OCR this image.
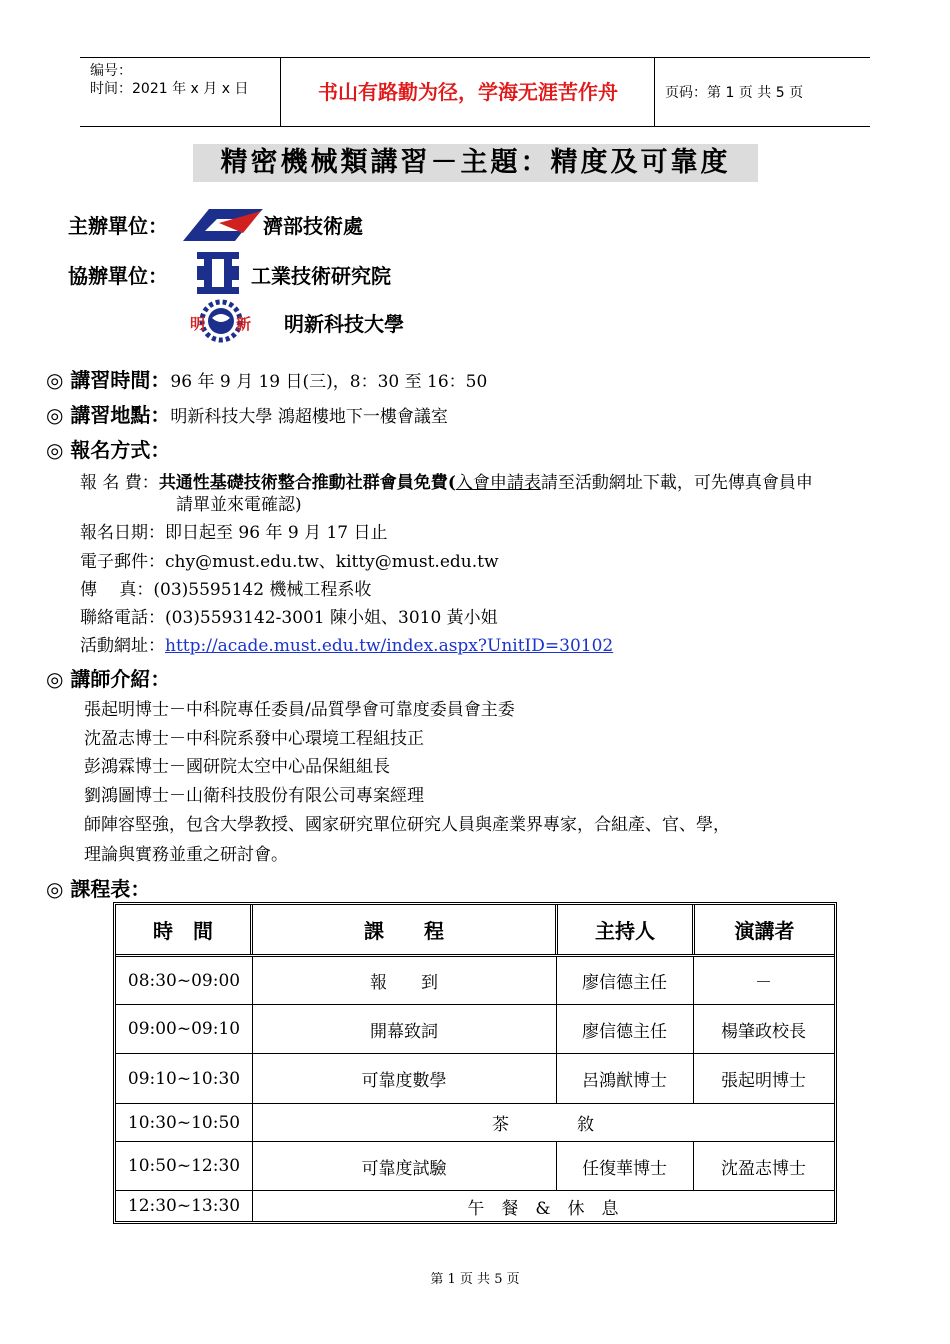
编号：
时间：2021 年 x 月 x 日	书山有路勤为径，学海无涯苦作舟	页码：第 1 页 共 5 页
精密機械類講習－主題：精度及可靠度
主辦單位：	濟部技術處
協辦單位：	工業技術研究院
明 新 明新科技大學
◎ 講習時間：96 年 9 月 19 日(三)，8：30 至 16：50
◎ 講習地點：明新科技大學 鴻超樓地下一樓會議室
◎ 報名方式：
報 名 費：共通性基礎技術整合推動社群會員免費(入會申請表請至活動網址下載，可先傳真會員申
請單並來電確認)
報名日期：即日起至 96 年 9 月 17 日止
電子郵件：chy@must.edu.tw、kitty@must.edu.tw
傳　 真：(03)5595142 機械工程系收
聯絡電話：(03)5593142-3001 陳小姐、3010 黃小姐
活動網址：http://acade.must.edu.tw/index.aspx?UnitID=30102
◎ 講師介紹：
張起明博士－中科院專任委員/品質學會可靠度委員會主委
沈盈志博士－中科院系發中心環境工程組技正
彭鴻霖博士－國研院太空中心品保組組長
劉鴻圖博士－山衛科技股份有限公司專案經理
師陣容堅強，包含大學教授、國家研究單位研究人員與產業界專家，合組產、官、學，
理論與實務並重之研討會。
◎ 課程表：
時　間	課　　程	主持人	演講者
08:30~09:00	報　　到	廖信德主任	－
09:00~09:10	開幕致詞	廖信德主任	楊肇政校長
09:10~10:30	可靠度數學	呂鴻猷博士	張起明博士
10:30~10:50	茶　　　　敘
10:50~12:30	可靠度試驗	任復華博士	沈盈志博士
12:30~13:30	午　餐　&　休　息
第 1 页 共 5 页
